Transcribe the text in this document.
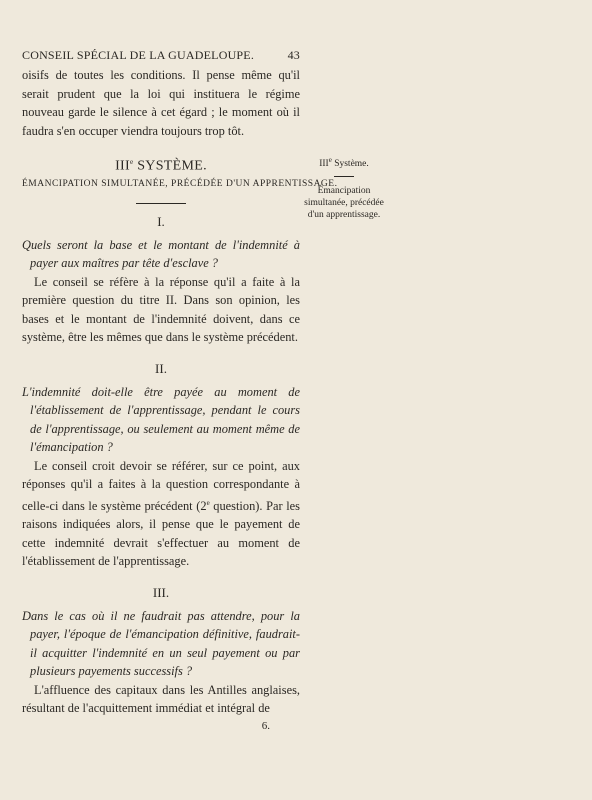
CONSEIL SPÉCIAL DE LA GUADELOUPE.	43

oisifs de toutes les conditions. Il pense même qu'il serait prudent que la loi qui instituera le régime nouveau garde le silence à cet égard ; le moment où il faudra s'en occuper viendra toujours trop tôt.

IIIe SYSTÈME.
ÉMANCIPATION SIMULTANÉE, PRÉCÉDÉE D'UN APPRENTISSAGE.
I.

Quels seront la base et le montant de l'indemnité à payer aux maîtres par tête d'esclave ?

Le conseil se réfère à la réponse qu'il a faite à la première question du titre II. Dans son opinion, les bases et le montant de l'indemnité doivent, dans ce système, être les mêmes que dans le système précédent.

II.

L'indemnité doit-elle être payée au moment de l'établissement de l'apprentissage, pendant le cours de l'apprentissage, ou seulement au moment même de l'émancipation ?

Le conseil croit devoir se référer, sur ce point, aux réponses qu'il a faites à la question correspondante à celle-ci dans le système précédent (2e question). Par les raisons indiquées alors, il pense que le payement de cette indemnité devrait s'effectuer au moment de l'établissement de l'apprentissage.

III.

Dans le cas où il ne faudrait pas attendre, pour la payer, l'époque de l'émancipation définitive, faudrait-il acquitter l'indemnité en un seul payement ou par plusieurs payements successifs ?

L'affluence des capitaux dans les Antilles anglaises, résultant de l'acquittement immédiat et intégral de

6.
IIIe Système.
Émancipation simultanée, précédée d'un apprentissage.
